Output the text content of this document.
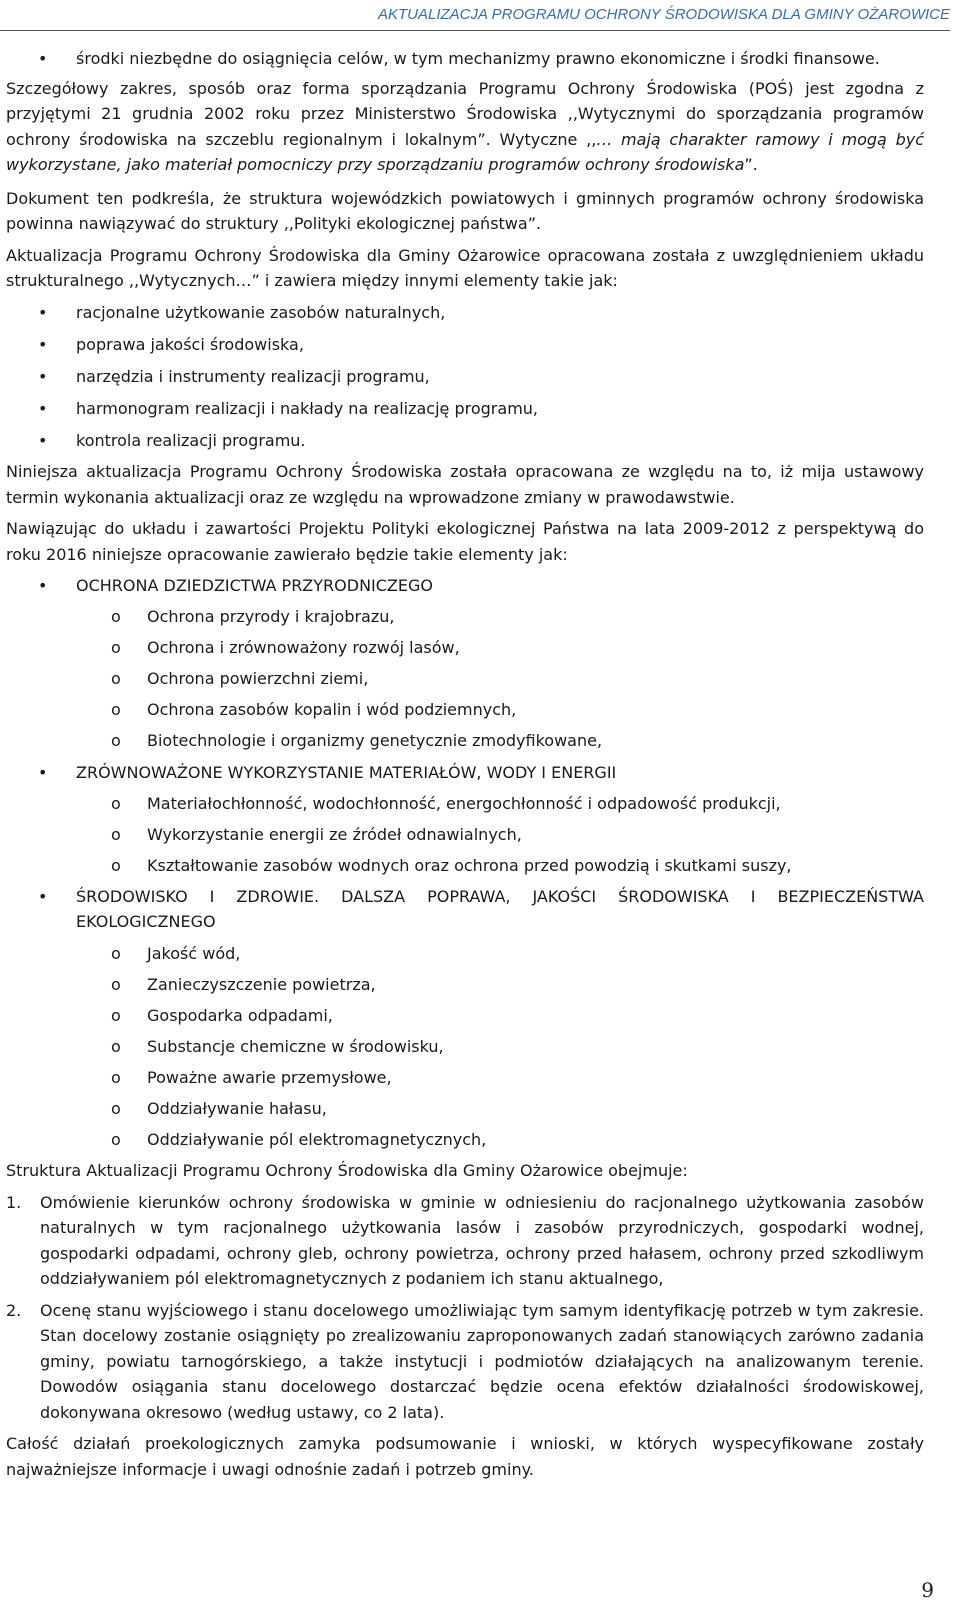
AKTUALIZACJA PROGRAMU OCHRONY ŚRODOWISKA DLA GMINY OŻAROWICE
• środki niezbędne do osiągnięcia celów, w tym mechanizmy prawno ekonomiczne i środki finansowe.

Szczegółowy zakres, sposób oraz forma sporządzania Programu Ochrony Środowiska (POŚ) jest zgodna z przyjętymi 21 grudnia 2002 roku przez Ministerstwo Środowiska ,,Wytycznymi do sporządzania programów ochrony środowiska na szczeblu regionalnym i lokalnym”. Wytyczne ,,… mają charakter ramowy i mogą być wykorzystane, jako materiał pomocniczy przy sporządzaniu programów ochrony środowiska”.

Dokument ten podkreśla, że struktura wojewódzkich powiatowych i gminnych programów ochrony środowiska powinna nawiązywać do struktury ,,Polityki ekologicznej państwa”.

Aktualizacja Programu Ochrony Środowiska dla Gminy Ożarowice opracowana została z uwzględnieniem układu strukturalnego ,,Wytycznych…” i zawiera między innymi elementy takie jak:

• racjonalne użytkowanie zasobów naturalnych,
• poprawa jakości środowiska,
• narzędzia i instrumenty realizacji programu,
• harmonogram realizacji i nakłady na realizację programu,
• kontrola realizacji programu.

Niniejsza aktualizacja Programu Ochrony Środowiska została opracowana ze względu na to, iż mija ustawowy termin wykonania aktualizacji oraz ze względu na wprowadzone zmiany w prawodawstwie.

Nawiązując do układu i zawartości Projektu Polityki ekologicznej Państwa na lata 2009-2012 z perspektywą do roku 2016 niniejsze opracowanie zawierało będzie takie elementy jak:

• OCHRONA DZIEDZICTWA PRZYRODNICZEGO
o Ochrona przyrody i krajobrazu,
o Ochrona i zrównoważony rozwój lasów,
o Ochrona powierzchni ziemi,
o Ochrona zasobów kopalin i wód podziemnych,
o Biotechnologie i organizmy genetycznie zmodyfikowane,
• ZRÓWNOWAŻONE WYKORZYSTANIE MATERIAŁÓW, WODY I ENERGII
o Materiałochłonność, wodochłonność, energochłonność i odpadowość produkcji,
o Wykorzystanie energii ze źródeł odnawialnych,
o Kształtowanie zasobów wodnych oraz ochrona przed powodzią i skutkami suszy,
• ŚRODOWISKO I ZDROWIE. DALSZA POPRAWA, JAKOŚCI ŚRODOWISKA I BEZPIECZEŃSTWA EKOLOGICZNEGO
o Jakość wód,
o Zanieczyszczenie powietrza,
o Gospodarka odpadami,
o Substancje chemiczne w środowisku,
o Poważne awarie przemysłowe,
o Oddziaływanie hałasu,
o Oddziaływanie pól elektromagnetycznych,

Struktura Aktualizacji Programu Ochrony Środowiska dla Gminy Ożarowice obejmuje:

1. Omówienie kierunków ochrony środowiska w gminie w odniesieniu do racjonalnego użytkowania zasobów naturalnych w tym racjonalnego użytkowania lasów i zasobów przyrodniczych, gospodarki wodnej, gospodarki odpadami, ochrony gleb, ochrony powietrza, ochrony przed hałasem, ochrony przed szkodliwym oddziaływaniem pól elektromagnetycznych z podaniem ich stanu aktualnego,
2. Ocenę stanu wyjściowego i stanu docelowego umożliwiając tym samym identyfikację potrzeb w tym zakresie. Stan docelowy zostanie osiągnięty po zrealizowaniu zaproponowanych zadań stanowiących zarówno zadania gminy, powiatu tarnogórskiego, a także instytucji i podmiotów działających na analizowanym terenie. Dowodów osiągania stanu docelowego dostarczać będzie ocena efektów działalności środowiskowej, dokonywana okresowo (według ustawy, co 2 lata).

Całość działań proekologicznych zamyka podsumowanie i wnioski, w których wyspecyfikowane zostały najważniejsze informacje i uwagi odnośnie zadań i potrzeb gminy.

9
